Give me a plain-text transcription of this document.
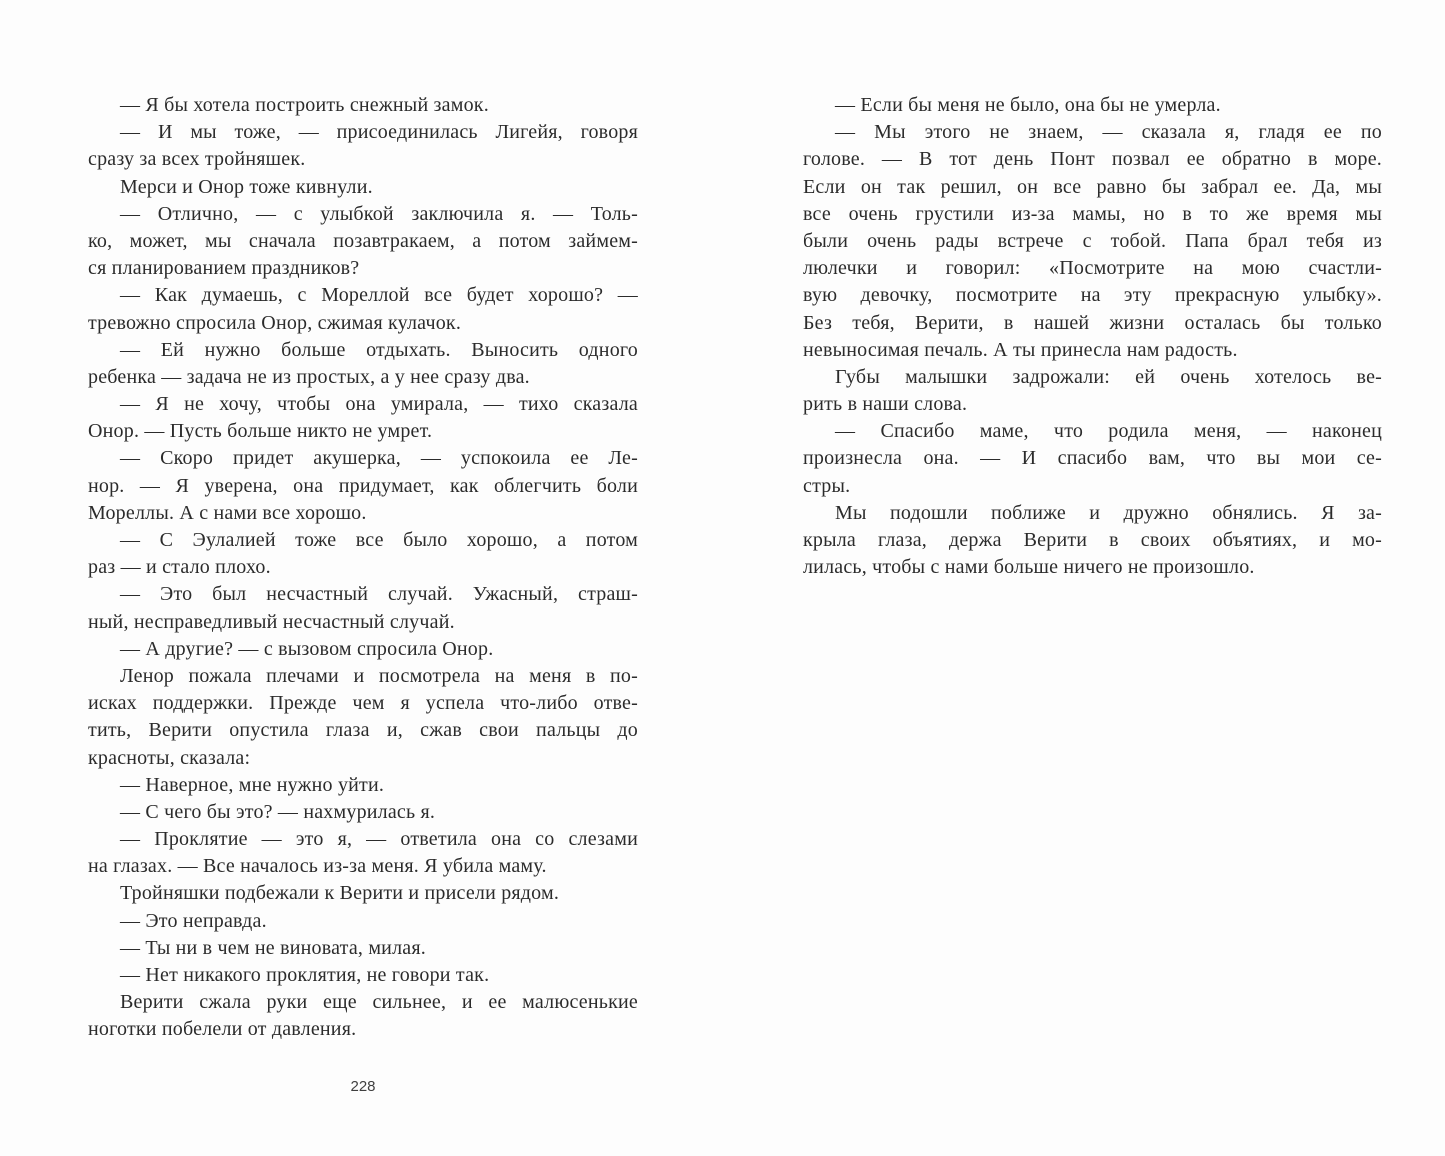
— Я бы хотела построить снежный замок.
— И мы тоже, — присоединилась Лигейя, говоря
сразу за всех тройняшек.
Мерси и Онор тоже кивнули.
— Отлично, — с улыбкой заключила я. — Толь-
ко, может, мы сначала позавтракаем, а потом займем-
ся планированием праздников?
— Как думаешь, с Мореллой все будет хорошо? —
тревожно спросила Онор, сжимая кулачок.
— Ей нужно больше отдыхать. Выносить одного
ребенка — задача не из простых, а у нее сразу два.
— Я не хочу, чтобы она умирала, — тихо сказала
Онор. — Пусть больше никто не умрет.
— Скоро придет акушерка, — успокоила ее Ле-
нор. — Я уверена, она придумает, как облегчить боли
Мореллы. А с нами все хорошо.
— С Эулалией тоже все было хорошо, а потом
раз — и стало плохо.
— Это был несчастный случай. Ужасный, страш-
ный, несправедливый несчастный случай.
— А другие? — с вызовом спросила Онор.
Ленор пожала плечами и посмотрела на меня в по-
исках поддержки. Прежде чем я успела что-либо отве-
тить, Верити опустила глаза и, сжав свои пальцы до
красноты, сказала:
— Наверное, мне нужно уйти.
— С чего бы это? — нахмурилась я.
— Проклятие — это я, — ответила она со слезами
на глазах. — Все началось из-за меня. Я убила маму.
Тройняшки подбежали к Верити и присели рядом.
— Это неправда.
— Ты ни в чем не виновата, милая.
— Нет никакого проклятия, не говори так.
Верити сжала руки еще сильнее, и ее малюсенькие
ноготки побелели от давления.
— Если бы меня не было, она бы не умерла.
— Мы этого не знаем, — сказала я, гладя ее по
голове. — В тот день Понт позвал ее обратно в море.
Если он так решил, он все равно бы забрал ее. Да, мы
все очень грустили из-за мамы, но в то же время мы
были очень рады встрече с тобой. Папа брал тебя из
люлечки и говорил: «Посмотрите на мою счастли-
вую девочку, посмотрите на эту прекрасную улыбку».
Без тебя, Верити, в нашей жизни осталась бы только
невыносимая печаль. А ты принесла нам радость.
Губы малышки задрожали: ей очень хотелось ве-
рить в наши слова.
— Спасибо маме, что родила меня, — наконец
произнесла она. — И спасибо вам, что вы мои се-
стры.
Мы подошли поближе и дружно обнялись. Я за-
крыла глаза, держа Верити в своих объятиях, и мо-
лилась, чтобы с нами больше ничего не произошло.
228
